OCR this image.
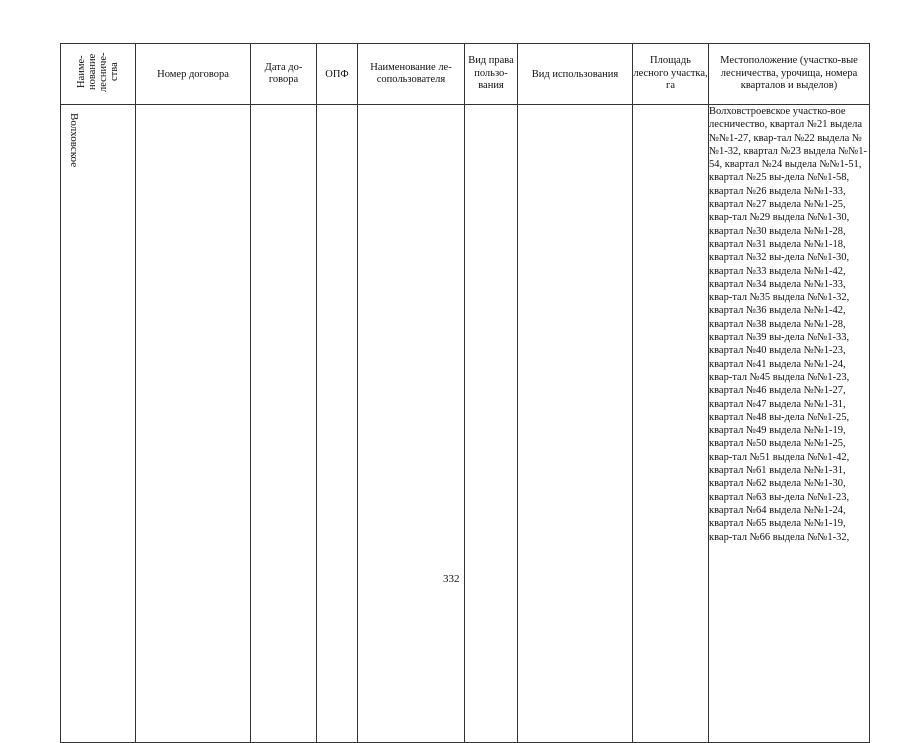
Наиме-нование лесниче-ства	Номер договора	Дата до-говора	ОПФ	Наименование ле-сопользователя	Вид права пользо-вания	Вид использования	Площадь лесного участка, га	Местоположение (участко-вые лесничества, урочища, номера кварталов и выделов)
Волховское				332				Волховстроевское участко-вое лесничество, квартал №21 выдела №№1-27, квар-тал №22 выдела №№1-32, квартал №23 выдела №№1-54, квартал №24 выдела №№1-51, квартал №25 вы-дела №№1-58, квартал №26 выдела №№1-33, квартал №27 выдела №№1-25, квар-тал №29 выдела №№1-30, квартал №30 выдела №№1-28, квартал №31 выдела №№1-18, квартал №32 вы-дела №№1-30, квартал №33 выдела №№1-42, квартал №34 выдела №№1-33, квар-тал №35 выдела №№1-32, квартал №36 выдела №№1-42, квартал №38 выдела №№1-28, квартал №39 вы-дела №№1-33, квартал №40 выдела №№1-23, квартал №41 выдела №№1-24, квар-тал №45 выдела №№1-23, квартал №46 выдела №№1-27, квартал №47 выдела №№1-31, квартал №48 вы-дела №№1-25, квартал №49 выдела №№1-19, квартал №50 выдела №№1-25, квар-тал №51 выдела №№1-42, квартал №61 выдела №№1-31, квартал №62 выдела №№1-30, квартал №63 вы-дела №№1-23, квартал №64 выдела №№1-24, квартал №65 выдела №№1-19, квар-тал №66 выдела №№1-32,
